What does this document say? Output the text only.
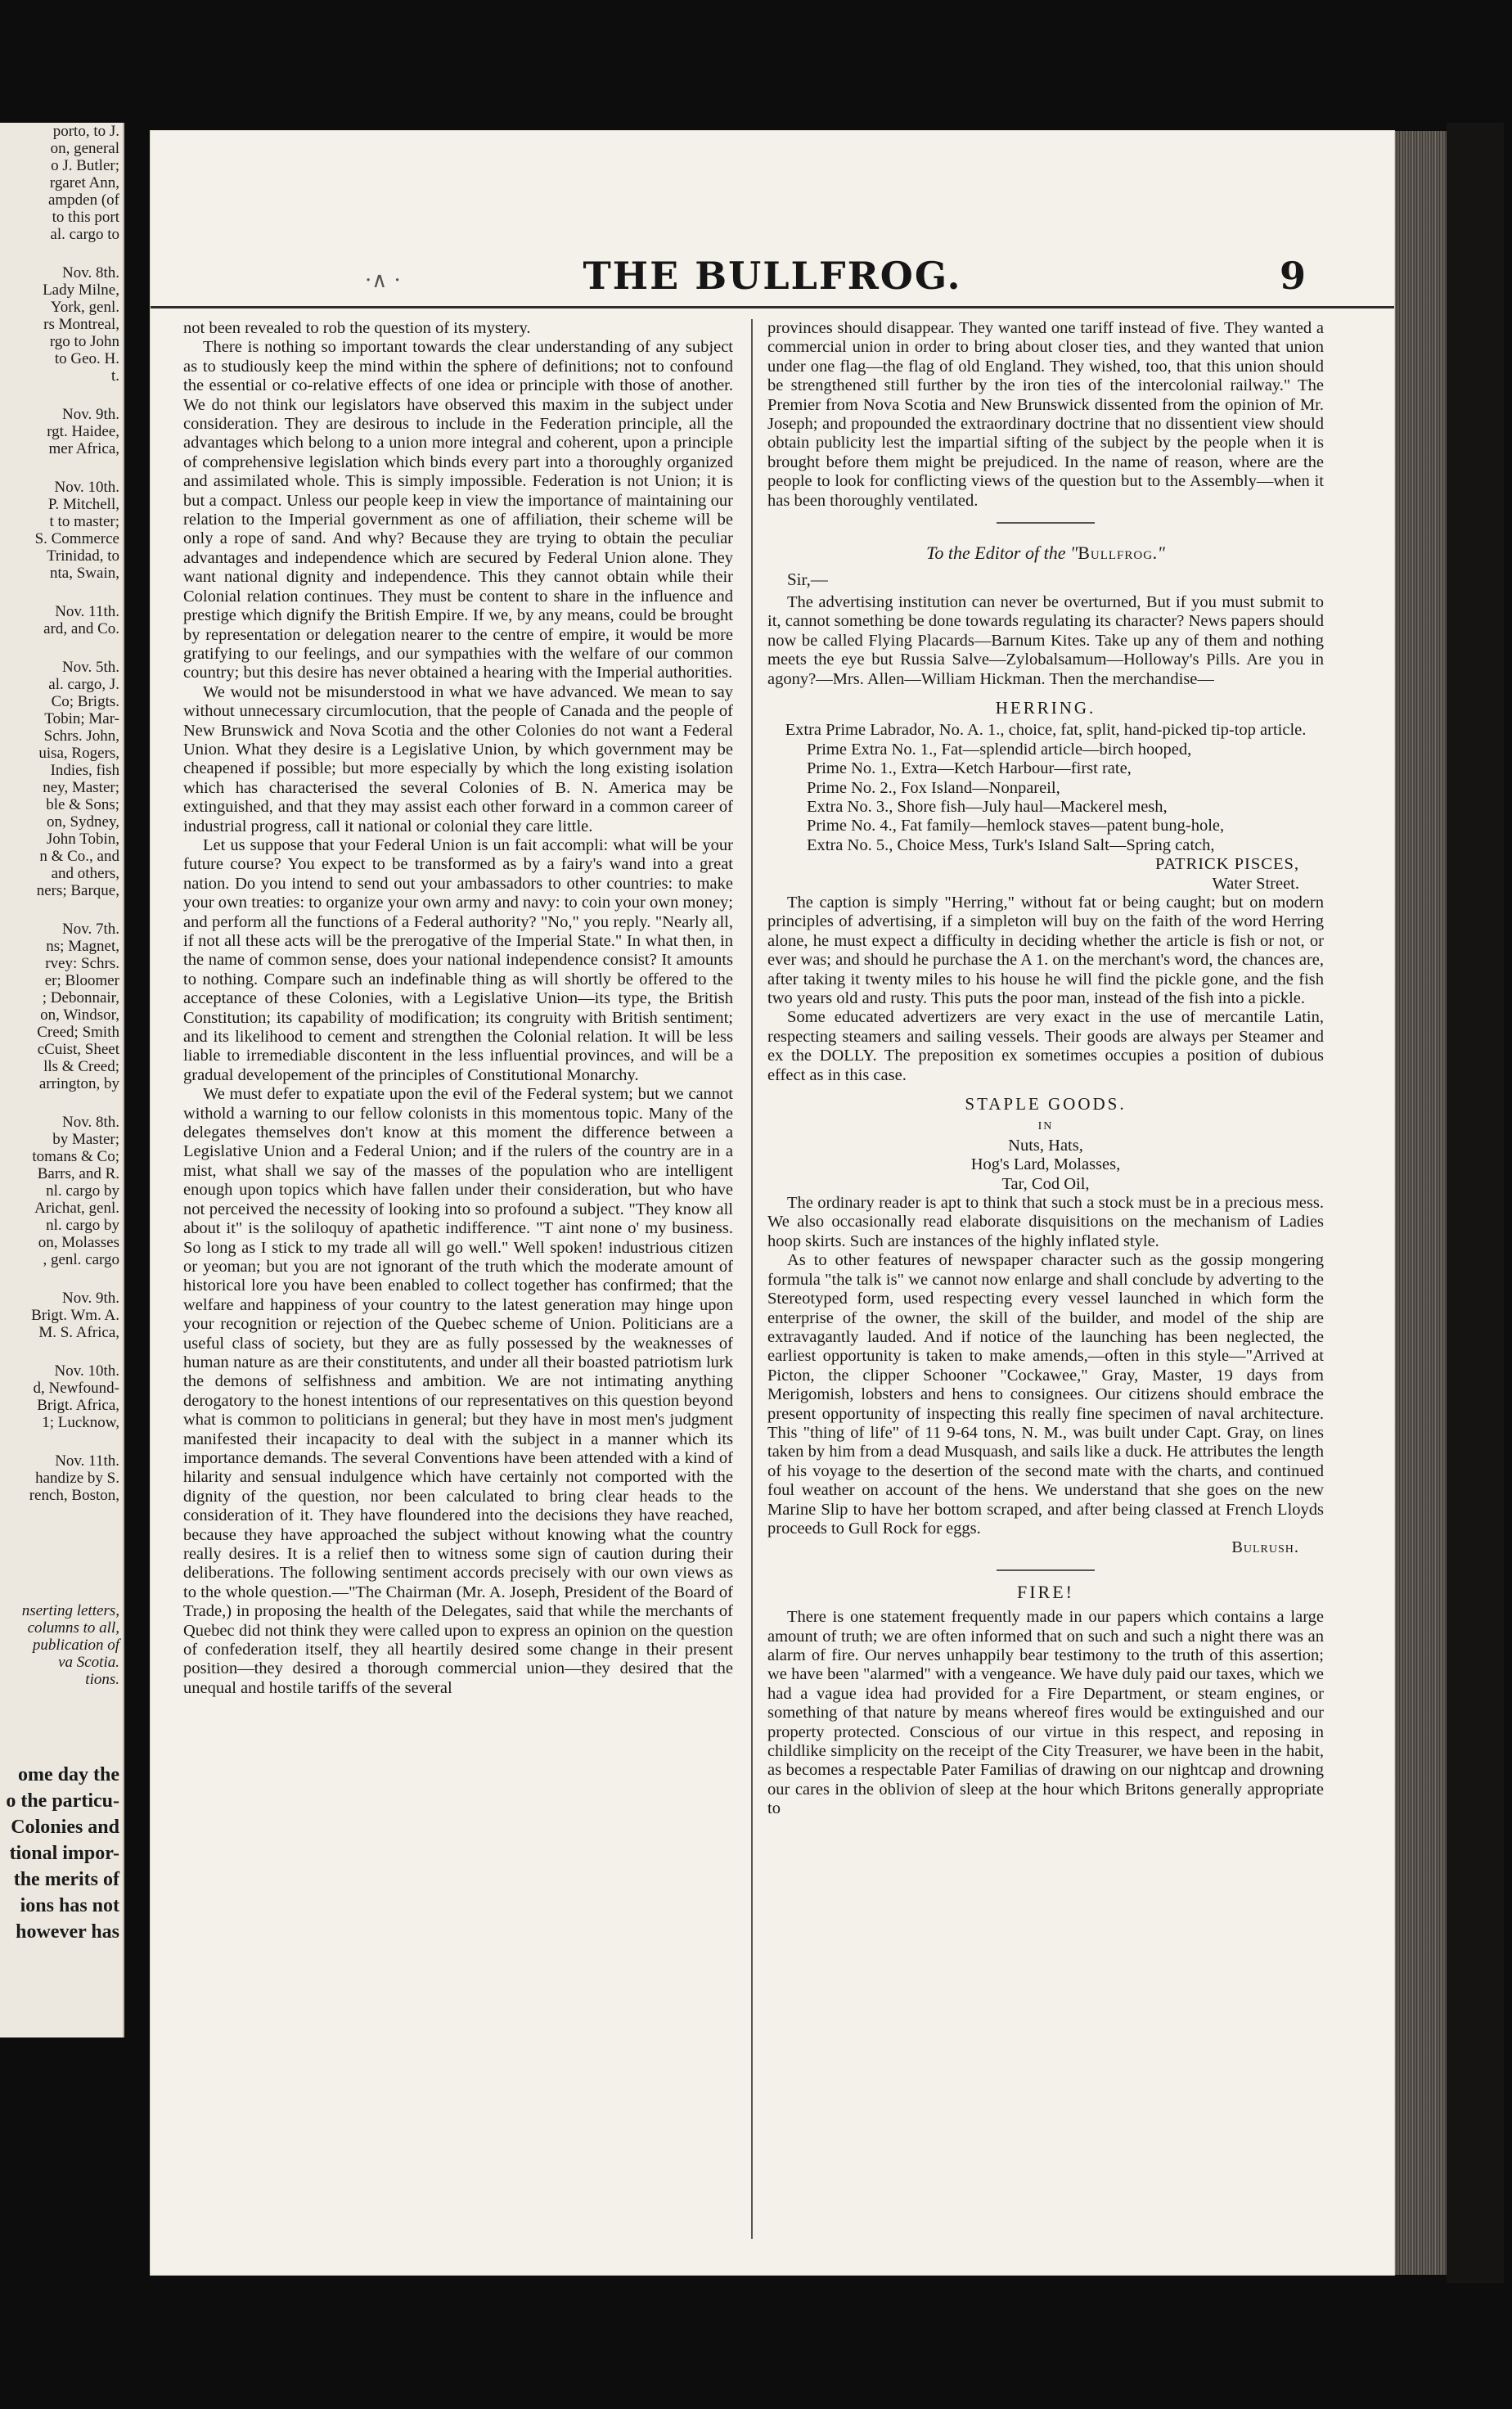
porto, to J.
on, general
o J. Butler;
rgaret Ann,
ampden (of
to this port
al. cargo to
Nov. 8th.
Lady Milne,
York, genl.
rs Montreal,
rgo to John
to Geo. H.
t.
Nov. 9th.
rgt. Haidee,
mer Africa,
Nov. 10th.
P. Mitchell,
t to master;
S. Commerce
Trinidad, to
nta, Swain,
Nov. 11th.
ard, and Co.
Nov. 5th.
al. cargo, J.
Co; Brigts.
Tobin; Mar-
Schrs. John,
uisa, Rogers,
Indies, fish
ney, Master;
ble & Sons;
on, Sydney,
John Tobin,
n & Co., and
and others,
ners; Barque,
Nov. 7th.
ns; Magnet,
rvey: Schrs.
er; Bloomer
; Debonnair,
on, Windsor,
Creed; Smith
cCuist, Sheet
lls & Creed;
arrington, by
Nov. 8th.
by Master;
tomans & Co;
Barrs, and R.
nl. cargo by
Arichat, genl.
nl. cargo by
on, Molasses
, genl. cargo
Nov. 9th.
Brigt. Wm. A.
M. S. Africa,
Nov. 10th.
d, Newfound-
Brigt. Africa,
1; Lucknow,
Nov. 11th.
handize by S.
rench, Boston,
nserting letters,
columns to all,
publication of
va Scotia.
tions.
ome day the
o the particu-
Colonies and
tional impor-
the merits of
ions has not
however has
·∧ ·	THE BULLFROG.	9

not been revealed to rob the question of its mystery.

There is nothing so important towards the clear understanding of any subject as to studiously keep the mind within the sphere of definitions; not to confound the essential or co-relative effects of one idea or principle with those of another. We do not think our legislators have observed this maxim in the subject under consideration. They are desirous to include in the Federation principle, all the advantages which belong to a union more integral and coherent, upon a principle of comprehensive legislation which binds every part into a thoroughly organized and assimilated whole. This is simply impossible. Federation is not Union; it is but a compact. Unless our people keep in view the importance of maintaining our relation to the Imperial government as one of affiliation, their scheme will be only a rope of sand. And why? Because they are trying to obtain the peculiar advantages and independence which are secured by Federal Union alone. They want national dignity and independence. This they cannot obtain while their Colonial relation continues. They must be content to share in the influence and prestige which dignify the British Empire. If we, by any means, could be brought by representation or delegation nearer to the centre of empire, it would be more gratifying to our feelings, and our sympathies with the welfare of our common country; but this desire has never obtained a hearing with the Imperial authorities.

We would not be misunderstood in what we have advanced. We mean to say without unnecessary circumlocution, that the people of Canada and the people of New Brunswick and Nova Scotia and the other Colonies do not want a Federal Union. What they desire is a Legislative Union, by which government may be cheapened if possible; but more especially by which the long existing isolation which has characterised the several Colonies of B. N. America may be extinguished, and that they may assist each other forward in a common career of industrial progress, call it national or colonial they care little.

Let us suppose that your Federal Union is un fait accompli: what will be your future course? You expect to be transformed as by a fairy's wand into a great nation. Do you intend to send out your ambassadors to other countries: to make your own treaties: to organize your own army and navy: to coin your own money; and perform all the functions of a Federal authority? "No," you reply. "Nearly all, if not all these acts will be the prerogative of the Imperial State." In what then, in the name of common sense, does your national independence consist? It amounts to nothing. Compare such an indefinable thing as will shortly be offered to the acceptance of these Colonies, with a Legislative Union—its type, the British Constitution; its capability of modification; its congruity with British sentiment; and its likelihood to cement and strengthen the Colonial relation. It will be less liable to irremediable discontent in the less influential provinces, and will be a gradual developement of the principles of Constitutional Monarchy.

We must defer to expatiate upon the evil of the Federal system; but we cannot withold a warning to our fellow colonists in this momentous topic. Many of the delegates themselves don't know at this moment the difference between a Legislative Union and a Federal Union; and if the rulers of the country are in a mist, what shall we say of the masses of the population who are intelligent enough upon topics which have fallen under their consideration, but who have not perceived the necessity of looking into so profound a subject. "They know all about it" is the soliloquy of apathetic indifference. "T aint none o' my business. So long as I stick to my trade all will go well." Well spoken! industrious citizen or yeoman; but you are not ignorant of the truth which the moderate amount of historical lore you have been enabled to collect together has confirmed; that the welfare and happiness of your country to the latest generation may hinge upon your recognition or rejection of the Quebec scheme of Union. Politicians are a useful class of society, but they are as fully possessed by the weaknesses of human nature as are their constitutents, and under all their boasted patriotism lurk the demons of selfishness and ambition. We are not intimating anything derogatory to the honest intentions of our representatives on this question beyond what is common to politicians in general; but they have in most men's judgment manifested their incapacity to deal with the subject in a manner which its importance demands. The several Conventions have been attended with a kind of hilarity and sensual indulgence which have certainly not comported with the dignity of the question, nor been calculated to bring clear heads to the consideration of it. They have floundered into the decisions they have reached, because they have approached the subject without knowing what the country really desires. It is a relief then to witness some sign of caution during their deliberations. The following sentiment accords precisely with our own views as to the whole question.—"The Chairman (Mr. A. Joseph, President of the Board of Trade,) in proposing the health of the Delegates, said that while the merchants of Quebec did not think they were called upon to express an opinion on the question of confederation itself, they all heartily desired some change in their present position—they desired a thorough commercial union—they desired that the unequal and hostile tariffs of the several

provinces should disappear. They wanted one tariff instead of five. They wanted a commercial union in order to bring about closer ties, and they wanted that union under one flag—the flag of old England. They wished, too, that this union should be strengthened still further by the iron ties of the intercolonial railway." The Premier from Nova Scotia and New Brunswick dissented from the opinion of Mr. Joseph; and propounded the extraordinary doctrine that no dissentient view should obtain publicity lest the impartial sifting of the subject by the people when it is brought before them might be prejudiced. In the name of reason, where are the people to look for conflicting views of the question but to the Assembly—when it has been thoroughly ventilated.

To the Editor of the "Bullfrog."
Sir,—

The advertising institution can never be overturned, But if you must submit to it, cannot something be done towards regulating its character? News papers should now be called Flying Placards—Barnum Kites. Take up any of them and nothing meets the eye but Russia Salve—Zylobalsamum—Holloway's Pills. Are you in agony?—Mrs. Allen—William Hickman. Then the merchandise—

HERRING.

Extra Prime Labrador, No. A. 1., choice, fat, split, hand-picked tip-top article.

Prime Extra No. 1., Fat—splendid article—birch hooped,

Prime No. 1., Extra—Ketch Harbour—first rate,

Prime No. 2., Fox Island—Nonpareil,

Extra No. 3., Shore fish—July haul—Mackerel mesh,

Prime No. 4., Fat family—hemlock staves—patent bung-hole,

Extra No. 5., Choice Mess, Turk's Island Salt—Spring catch,

PATRICK PISCES,
Water Street.

The caption is simply "Herring," without fat or being caught; but on modern principles of advertising, if a simpleton will buy on the faith of the word Herring alone, he must expect a difficulty in deciding whether the article is fish or not, or ever was; and should he purchase the A 1. on the merchant's word, the chances are, after taking it twenty miles to his house he will find the pickle gone, and the fish two years old and rusty. This puts the poor man, instead of the fish into a pickle.

Some educated advertizers are very exact in the use of mercantile Latin, respecting steamers and sailing vessels. Their goods are always per Steamer and ex the DOLLY. The preposition ex sometimes occupies a position of dubious effect as in this case.

STAPLE GOODS.

IN

Nuts, Hats,

Hog's Lard, Molasses,

Tar, Cod Oil,

The ordinary reader is apt to think that such a stock must be in a precious mess. We also occasionally read elaborate disquisitions on the mechanism of Ladies hoop skirts. Such are instances of the highly inflated style.

As to other features of newspaper character such as the gossip mongering formula "the talk is" we cannot now enlarge and shall conclude by adverting to the Stereotyped form, used respecting every vessel launched in which form the enterprise of the owner, the skill of the builder, and model of the ship are extravagantly lauded. And if notice of the launching has been neglected, the earliest opportunity is taken to make amends,—often in this style—"Arrived at Picton, the clipper Schooner "Cockawee," Gray, Master, 19 days from Merigomish, lobsters and hens to consignees. Our citizens should embrace the present opportunity of inspecting this really fine specimen of naval architecture. This "thing of life" of 11 9-64 tons, N. M., was built under Capt. Gray, on lines taken by him from a dead Musquash, and sails like a duck. He attributes the length of his voyage to the desertion of the second mate with the charts, and continued foul weather on account of the hens. We understand that she goes on the new Marine Slip to have her bottom scraped, and after being classed at French Lloyds proceeds to Gull Rock for eggs.

Bulrush.
FIRE!

There is one statement frequently made in our papers which contains a large amount of truth; we are often informed that on such and such a night there was an alarm of fire. Our nerves unhappily bear testimony to the truth of this assertion; we have been "alarmed" with a vengeance. We have duly paid our taxes, which we had a vague idea had provided for a Fire Department, or steam engines, or something of that nature by means whereof fires would be extinguished and our property protected. Conscious of our virtue in this respect, and reposing in childlike simplicity on the receipt of the City Treasurer, we have been in the habit, as becomes a respectable Pater Familias of drawing on our nightcap and drowning our cares in the oblivion of sleep at the hour which Britons generally appropriate to
